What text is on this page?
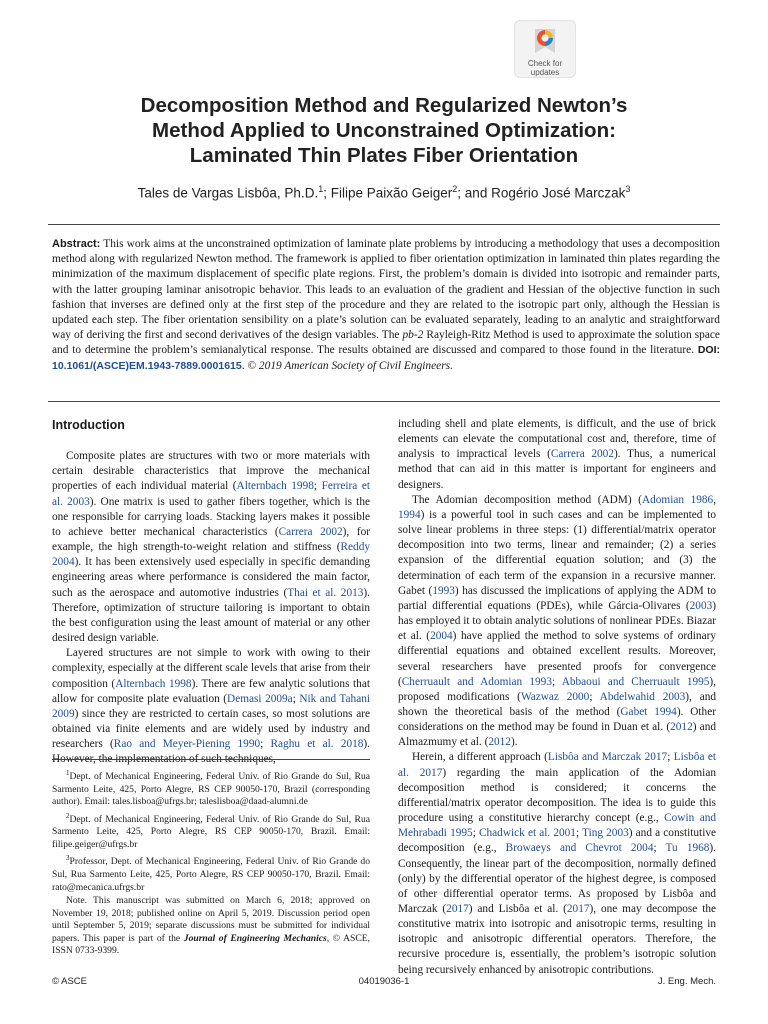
Check for
updates
Decomposition Method and Regularized Newton’s
Method Applied to Unconstrained Optimization:
Laminated Thin Plates Fiber Orientation
Tales de Vargas Lisbôa, Ph.D.$^1$; Filipe Paixão Geiger$^2$; and Rogério José Marczak$^3$
Abstract: This work aims at the unconstrained optimization of laminate plate problems by introducing a methodology that uses a decomposition method along with regularized Newton method. The framework is applied to fiber orientation optimization in laminated thin plates regarding the minimization of the maximum displacement of specific plate regions. First, the problem’s domain is divided into isotropic and remainder parts, with the latter grouping laminar anisotropic behavior. This leads to an evaluation of the gradient and Hessian of the objective function in such fashion that inverses are defined only at the first step of the procedure and they are related to the isotropic part only, although the Hessian is updated each step. The fiber orientation sensibility on a plate’s solution can be evaluated separately, leading to an analytic and straightforward way of deriving the first and second derivatives of the design variables. The pb-2 Rayleigh-Ritz Method is used to approximate the solution space and to determine the problem’s semianalytical response. The results obtained are discussed and compared to those found in the literature. DOI: 10.1061/(ASCE)EM.1943-7889.0001615. © 2019 American Society of Civil Engineers.
Introduction

Composite plates are structures with two or more materials with certain desirable characteristics that improve the mechanical properties of each individual material (Alternbach 1998; Ferreira et al. 2003). One matrix is used to gather fibers together, which is the one responsible for carrying loads. Stacking layers makes it possible to achieve better mechanical characteristics (Carrera 2002), for example, the high strength-to-weight relation and stiffness (Reddy 2004). It has been extensively used especially in specific demanding engineering areas where performance is considered the main factor, such as the aerospace and automotive industries (Thai et al. 2013). Therefore, optimization of structure tailoring is important to obtain the best configuration using the least amount of material or any other desired design variable.

Layered structures are not simple to work with owing to their complexity, especially at the different scale levels that arise from their composition (Alternbach 1998). There are few analytic solutions that allow for composite plate evaluation (Demasi 2009a; Nik and Tahani 2009) since they are restricted to certain cases, so most solutions are obtained via finite elements and are widely used by industry and researchers (Rao and Meyer-Piening 1990; Raghu et al. 2018). However, the implementation of such techniques,

$^1$Dept. of Mechanical Engineering, Federal Univ. of Rio Grande do Sul, Rua Sarmento Leite, 425, Porto Alegre, RS CEP 90050-170, Brazil (corresponding author). Email: tales.lisboa@ufrgs.br; taleslisboa@daad-alumni.de

$^2$Dept. of Mechanical Engineering, Federal Univ. of Rio Grande do Sul, Rua Sarmento Leite, 425, Porto Alegre, RS CEP 90050-170, Brazil. Email: filipe.geiger@ufrgs.br

$^3$Professor, Dept. of Mechanical Engineering, Federal Univ. of Rio Grande do Sul, Rua Sarmento Leite, 425, Porto Alegre, RS CEP 90050-170, Brazil. Email: rato@mecanica.ufrgs.br

Note. This manuscript was submitted on March 6, 2018; approved on November 19, 2018; published online on April 5, 2019. Discussion period open until September 5, 2019; separate discussions must be submitted for individual papers. This paper is part of the Journal of Engineering Mechanics, © ASCE, ISSN 0733-9399.

including shell and plate elements, is difficult, and the use of brick elements can elevate the computational cost and, therefore, time of analysis to impractical levels (Carrera 2002). Thus, a numerical method that can aid in this matter is important for engineers and designers.

The Adomian decomposition method (ADM) (Adomian 1986, 1994) is a powerful tool in such cases and can be implemented to solve linear problems in three steps: (1) differential/matrix operator decomposition into two terms, linear and remainder; (2) a series expansion of the differential equation solution; and (3) the determination of each term of the expansion in a recursive manner. Gabet (1993) has discussed the implications of applying the ADM to partial differential equations (PDEs), while Gárcia-Olivares (2003) has employed it to obtain analytic solutions of nonlinear PDEs. Biazar et al. (2004) have applied the method to solve systems of ordinary differential equations and obtained excellent results. Moreover, several researchers have presented proofs for convergence (Cherruault and Adomian 1993; Abbaoui and Cherruault 1995), proposed modifications (Wazwaz 2000; Abdelwahid 2003), and shown the theoretical basis of the method (Gabet 1994). Other considerations on the method may be found in Duan et al. (2012) and Almazmumy et al. (2012).

Herein, a different approach (Lisbôa and Marczak 2017; Lisbôa et al. 2017) regarding the main application of the Adomian decomposition method is considered; it concerns the differential/matrix operator decomposition. The idea is to guide this procedure using a constitutive hierarchy concept (e.g., Cowin and Mehrabadi 1995; Chadwick et al. 2001; Ting 2003) and a constitutive decomposition (e.g., Browaeys and Chevrot 2004; Tu 1968). Consequently, the linear part of the decomposition, normally defined (only) by the differential operator of the highest degree, is composed of other differential operator terms. As proposed by Lisbôa and Marczak (2017) and Lisbôa et al. (2017), one may decompose the constitutive matrix into isotropic and anisotropic terms, resulting in isotropic and anisotropic differential operators. Therefore, the recursive procedure is, essentially, the problem’s isotropic solution being recursively enhanced by anisotropic contributions.

© ASCE	04019036-1	J. Eng. Mech.
